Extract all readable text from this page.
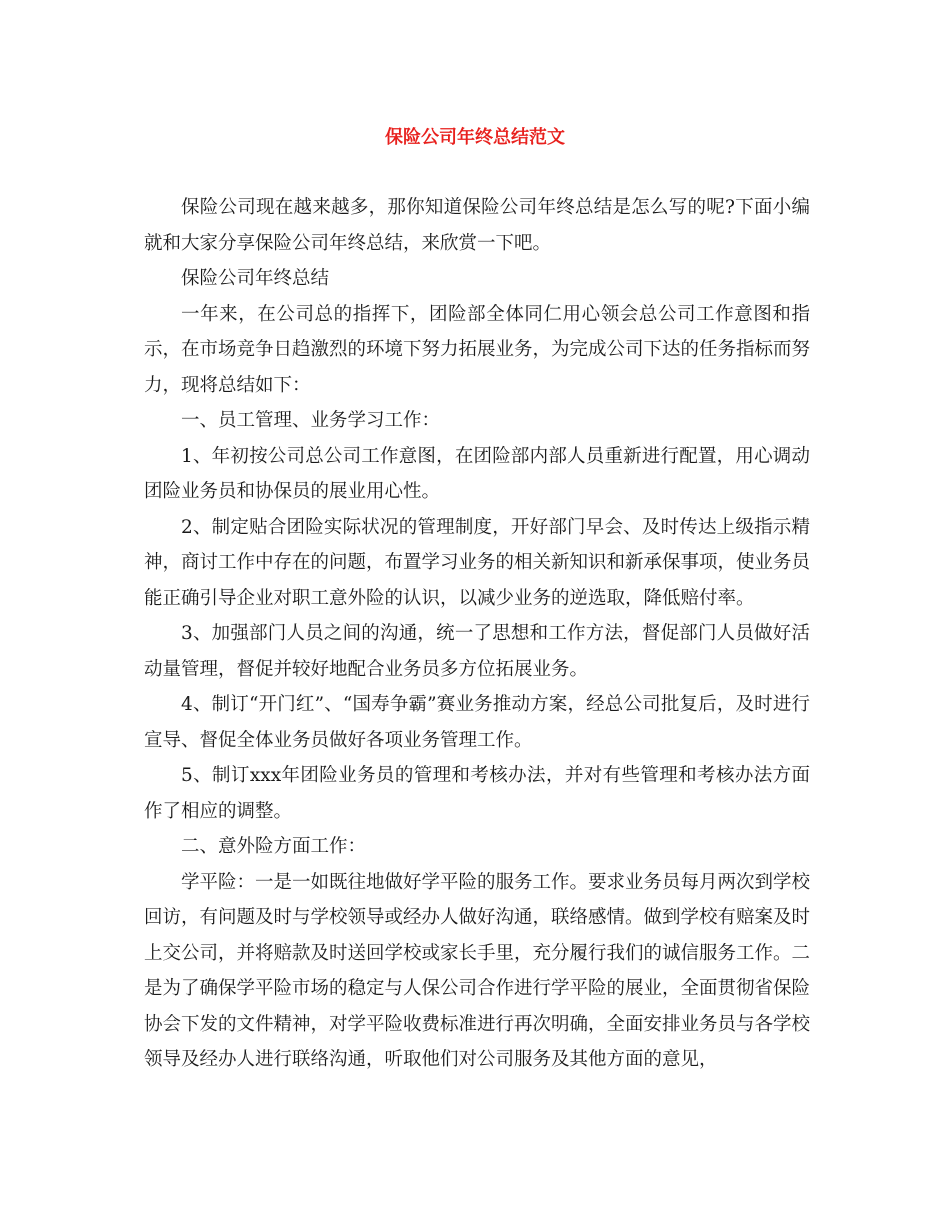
保险公司年终总结范文

保险公司现在越来越多，那你知道保险公司年终总结是怎么写的呢?下面小编就和大家分享保险公司年终总结，来欣赏一下吧。

保险公司年终总结

一年来，在公司总的指挥下，团险部全体同仁用心领会总公司工作意图和指示，在市场竞争日趋激烈的环境下努力拓展业务，为完成公司下达的任务指标而努力，现将总结如下：

一、员工管理、业务学习工作：

1、年初按公司总公司工作意图，在团险部内部人员重新进行配置，用心调动团险业务员和协保员的展业用心性。

2、制定贴合团险实际状况的管理制度，开好部门早会、及时传达上级指示精神，商讨工作中存在的问题，布置学习业务的相关新知识和新承保事项，使业务员能正确引导企业对职工意外险的认识，以减少业务的逆选取，降低赔付率。

3、加强部门人员之间的沟通，统一了思想和工作方法，督促部门人员做好活动量管理，督促并较好地配合业务员多方位拓展业务。

4、制订“开门红”、“国寿争霸”赛业务推动方案，经总公司批复后，及时进行宣导、督促全体业务员做好各项业务管理工作。

5、制订xxx年团险业务员的管理和考核办法，并对有些管理和考核办法方面作了相应的调整。

二、意外险方面工作：

学平险：一是一如既往地做好学平险的服务工作。要求业务员每月两次到学校回访，有问题及时与学校领导或经办人做好沟通，联络感情。做到学校有赔案及时上交公司，并将赔款及时送回学校或家长手里，充分履行我们的诚信服务工作。二是为了确保学平险市场的稳定与人保公司合作进行学平险的展业，全面贯彻省保险协会下发的文件精神，对学平险收费标准进行再次明确，全面安排业务员与各学校领导及经办人进行联络沟通，听取他们对公司服务及其他方面的意见，
